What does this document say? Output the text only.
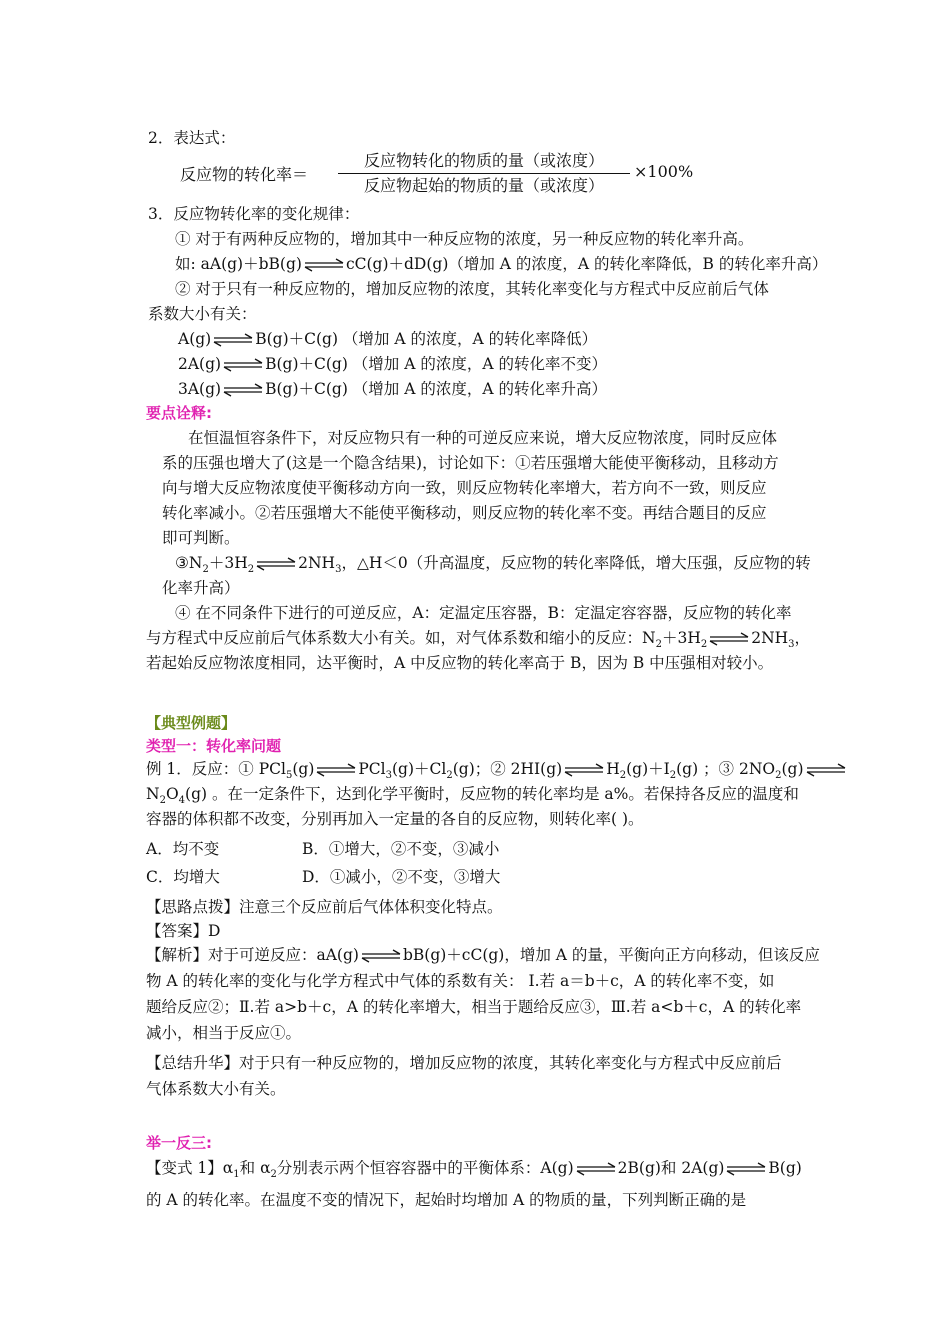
2．表达式：
反应物的转化率＝
反应物转化的物质的量（或浓度）
反应物起始的物质的量（或浓度）
×100%
3．反应物转化率的变化规律：
① 对于有两种反应物的，增加其中一种反应物的浓度，另一种反应物的转化率升高。
如: aA(g)＋bB(g)⇌cC(g)＋dD(g)（增加 A 的浓度，A 的转化率降低，B 的转化率升高）
② 对于只有一种反应物的，增加反应物的浓度，其转化率变化与方程式中反应前后气体
系数大小有关：
A(g)⇌B(g)＋C(g) （增加 A 的浓度，A 的转化率降低）
2A(g)⇌B(g)＋C(g) （增加 A 的浓度，A 的转化率不变）
3A(g)⇌B(g)＋C(g) （增加 A 的浓度，A 的转化率升高）
要点诠释:
在恒温恒容条件下，对反应物只有一种的可逆反应来说，增大反应物浓度，同时反应体
系的压强也增大了(这是一个隐含结果)，讨论如下：①若压强增大能使平衡移动，且移动方
向与增大反应物浓度使平衡移动方向一致，则反应物转化率增大，若方向不一致，则反应
转化率减小。②若压强增大不能使平衡移动，则反应物的转化率不变。再结合题目的反应
即可判断。
$③N_2+3H_2\rightleftharpoons 2NH_3$，△H＜0（升高温度，反应物的转化率降低，增大压强，反应物的转
化率升高）
④ 在不同条件下进行的可逆反应，A：定温定压容器，B：定温定容容器，反应物的转化率
与方程式中反应前后气体系数大小有关。如，对气体系数和缩小的反应：$N_2+3H_2\rightleftharpoons 2NH_3$，
若起始反应物浓度相同，达平衡时，A 中反应物的转化率高于 B，因为 B 中压强相对较小。
【典型例题】
类型一：转化率问题
例 1．反应：① $PCl_5(g)\rightleftharpoons PCl_3(g)+Cl_2(g)$；② $2HI(g)\rightleftharpoons H_2(g)+I_2(g)$ ；③ $2NO_2(g)\rightleftharpoons$
$N_2O_4(g)$ 。在一定条件下，达到化学平衡时，反应物的转化率均是 a%。若保持各反应的温度和
容器的体积都不改变，分别再加入一定量的各自的反应物，则转化率( )。
A．均不变	B．①增大，②不变，③减小
C．均增大	D．①减小，②不变，③增大
【思路点拨】注意三个反应前后气体体积变化特点。
【答案】D
【解析】对于可逆反应：aA(g)⇌bB(g)＋cC(g)，增加 A 的量，平衡向正方向移动，但该反应
物 A 的转化率的变化与化学方程式中气体的系数有关： Ⅰ.若 a＝b＋c，A 的转化率不变，如
题给反应②；Ⅱ.若 a>b＋c，A 的转化率增大，相当于题给反应③，Ⅲ.若 a<b＋c，A 的转化率
减小，相当于反应①。
【总结升华】对于只有一种反应物的，增加反应物的浓度，其转化率变化与方程式中反应前后
气体系数大小有关。
举一反三:
【变式 1】$\alpha_1$和 $\alpha_2$分别表示两个恒容容器中的平衡体系：A(g)⇌2B(g)和 2A(g)⇌B(g)
的 A 的转化率。在温度不变的情况下，起始时均增加 A 的物质的量，下列判断正确的是
